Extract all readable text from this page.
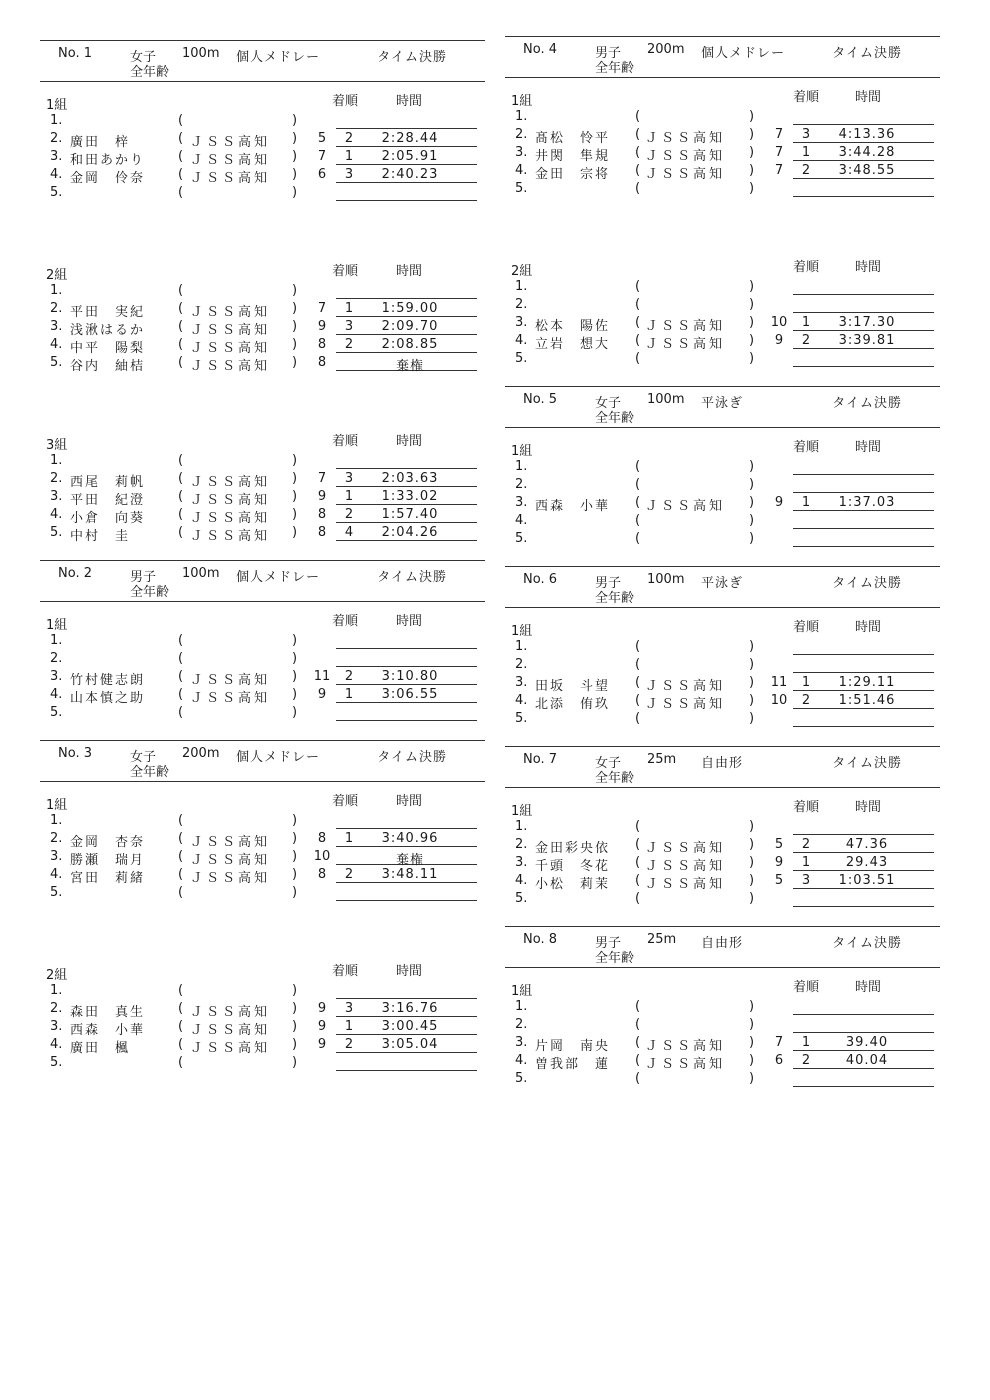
No. 1	女子 100m 個人メドレー	タイム決勝
全年齢
1組	着順	時間
1.	(	)
2. 廣田　梓	( ＪＳＳ高知 )	5	2	2:28.44
3. 和田あかり	( ＪＳＳ高知 )	7	1	2:05.91
4. 金岡　伶奈	( ＪＳＳ高知 )	6	3	2:40.23
5.	(	)
2組	着順	時間
1.	(	)
2. 平田　実紀	( ＪＳＳ高知 )	7	1	1:59.00
3. 浅湫はるか	( ＪＳＳ高知 )	9	3	2:09.70
4. 中平　陽梨	( ＪＳＳ高知 )	8	2	2:08.85
5. 谷内　紬桔	( ＪＳＳ高知 )	8	棄権
3組	着順	時間
1.	(	)
2. 西尾　莉帆	( ＪＳＳ高知 )	7	3	2:03.63
3. 平田　紀澄	( ＪＳＳ高知 )	9	1	1:33.02
4. 小倉　向葵	( ＪＳＳ高知 )	8	2	1:57.40
5. 中村　圭	( ＪＳＳ高知 )	8	4	2:04.26
No. 2	男子 100m 個人メドレー	タイム決勝
全年齢
1組	着順	時間
1.	(	)
2.	(	)
3. 竹村健志朗	( ＪＳＳ高知 )	11	2	3:10.80
4. 山本慎之助	( ＪＳＳ高知 )	9	1	3:06.55
5.	(	)
No. 3	女子 200m 個人メドレー	タイム決勝
全年齢
1組	着順	時間
1.	(	)
2. 金岡　杏奈	( ＪＳＳ高知 )	8	1	3:40.96
3. 勝瀬　瑞月	( ＪＳＳ高知 )	10	棄権
4. 宮田　莉緒	( ＪＳＳ高知 )	8	2	3:48.11
5.	(	)
2組	着順	時間
1.	(	)
2. 森田　真生	( ＪＳＳ高知 )	9	3	3:16.76
3. 西森　小華	( ＪＳＳ高知 )	9	1	3:00.45
4. 廣田　楓	( ＪＳＳ高知 )	9	2	3:05.04
5.	(	)
No. 4	男子 200m 個人メドレー	タイム決勝
全年齢
1組	着順	時間
1.	(	)
2. 髙松　怜平 ( ＪＳＳ高知 )	7	3	4:13.36
3. 井関　隼規 ( ＪＳＳ高知 )	7	1	3:44.28
4. 金田　宗将 ( ＪＳＳ高知 )	7	2	3:48.55
5.	(	)
2組	着順	時間
1.	(	)
2.	(	)
3. 松本　陽佐 ( ＪＳＳ高知 )	10	1	3:17.30
4. 立岩　想大 ( ＪＳＳ高知 )	9	2	3:39.81
5.	(	)
No. 5	女子 100m 平泳ぎ	タイム決勝
全年齢
1組	着順	時間
1.	(	)
2.	(	)
3. 西森　小華 ( ＪＳＳ高知 )	9	1	1:37.03
4.	(	)
5.	(	)
No. 6	男子 100m 平泳ぎ	タイム決勝
全年齢
1組	着順	時間
1.	(	)
2.	(	)
3. 田坂　斗望 ( ＪＳＳ高知 )	11	1	1:29.11
4. 北添　侑玖 ( ＪＳＳ高知 )	10	2	1:51.46
5.	(	)
No. 7	女子 25m 自由形	タイム決勝
全年齢
1組	着順	時間
1.	(	)
2. 金田彩央依 ( ＪＳＳ高知 )	5	2	47.36
3. 千頭　冬花 ( ＪＳＳ高知 )	9	1	29.43
4. 小松　莉茉 ( ＪＳＳ高知 )	5	3	1:03.51
5.	(	)
No. 8	男子 25m 自由形	タイム決勝
全年齢
1組	着順	時間
1.	(	)
2.	(	)
3. 片岡　南央 ( ＪＳＳ高知 )	7	1	39.40
4. 曽我部　蓮 ( ＪＳＳ高知 )	6	2	40.04
5.	(	)
